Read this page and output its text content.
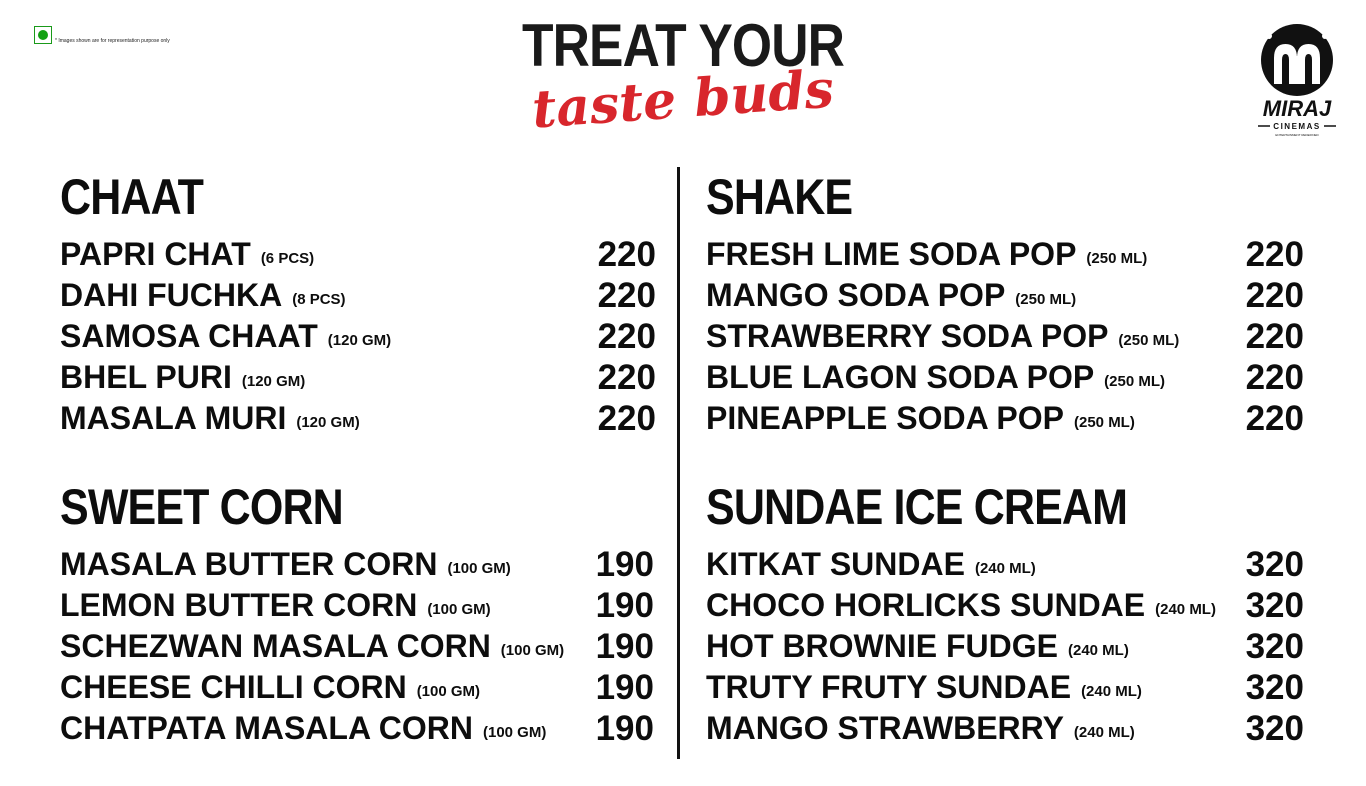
* Images shown are for representation purpose only	TREAT YOUR
taste buds	MIRAJ
CINEMAS
ENTERTAINMENT REDEFINED
CHAAT
PAPRI CHAT (6 PCS)	220
DAHI FUCHKA (8 PCS)	220
SAMOSA CHAAT (120 GM)	220
BHEL PURI (120 GM)	220
MASALA MURI (120 GM)	220
SWEET CORN
MASALA BUTTER CORN (100 GM) 190
LEMON BUTTER CORN (100 GM)	190
SCHEZWAN MASALA CORN (100 GM) 190
CHEESE CHILLI CORN (100 GM)	190
CHATPATA MASALA CORN (100 GM) 190
SHAKE
FRESH LIME SODA POP (250 ML)	220
MANGO SODA POP (250 ML)	220
STRAWBERRY SODA POP (250 ML) 220
BLUE LAGON SODA POP (250 ML) 220
PINEAPPLE SODA POP (250 ML)	220
SUNDAE ICE CREAM
KITKAT SUNDAE (240 ML)	320
CHOCO HORLICKS SUNDAE (240 ML) 320
HOT BROWNIE FUDGE (240 ML)	320
TRUTY FRUTY SUNDAE (240 ML)	320
MANGO STRAWBERRY (240 ML)	320
